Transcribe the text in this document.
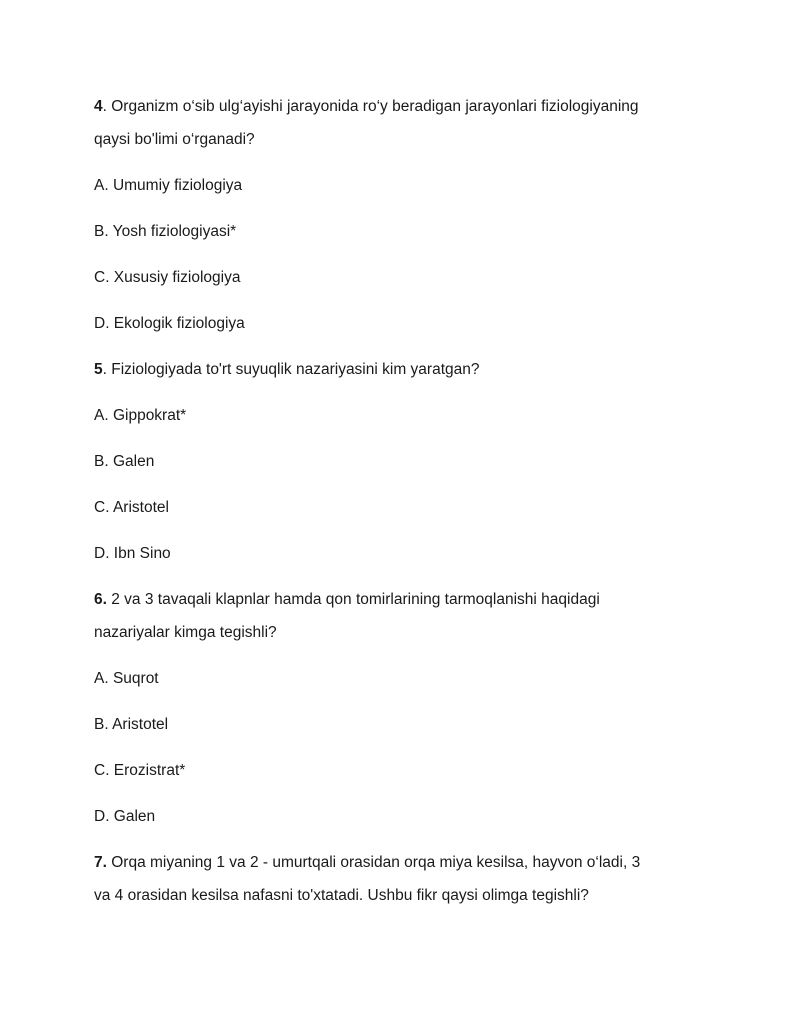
4. Organizm o‘sib ulg‘ayishi jarayonida ro‘y beradigan jarayonlari fiziologiyaning

qaysi bo'limi o‘rganadi?

A. Umumiy fiziologiya

B. Yosh fiziologiyasi*

C. Xususiy fiziologiya

D. Ekologik fiziologiya

5. Fiziologiyada to'rt suyuqlik nazariyasini kim yaratgan?

A. Gippokrat*

B. Galen

C. Aristotel

D. Ibn Sino

6. 2 va 3 tavaqali klapnlar hamda qon tomirlarining tarmoqlanishi haqidagi

nazariyalar kimga tegishli?

A. Suqrot

B. Aristotel

C. Erozistrat*

D. Galen

7. Orqa miyaning 1 va 2 - umurtqali orasidan orqa miya kesilsa, hayvon o‘ladi, 3

va 4 orasidan kesilsa nafasni to'xtatadi. Ushbu fikr qaysi olimga tegishli?
